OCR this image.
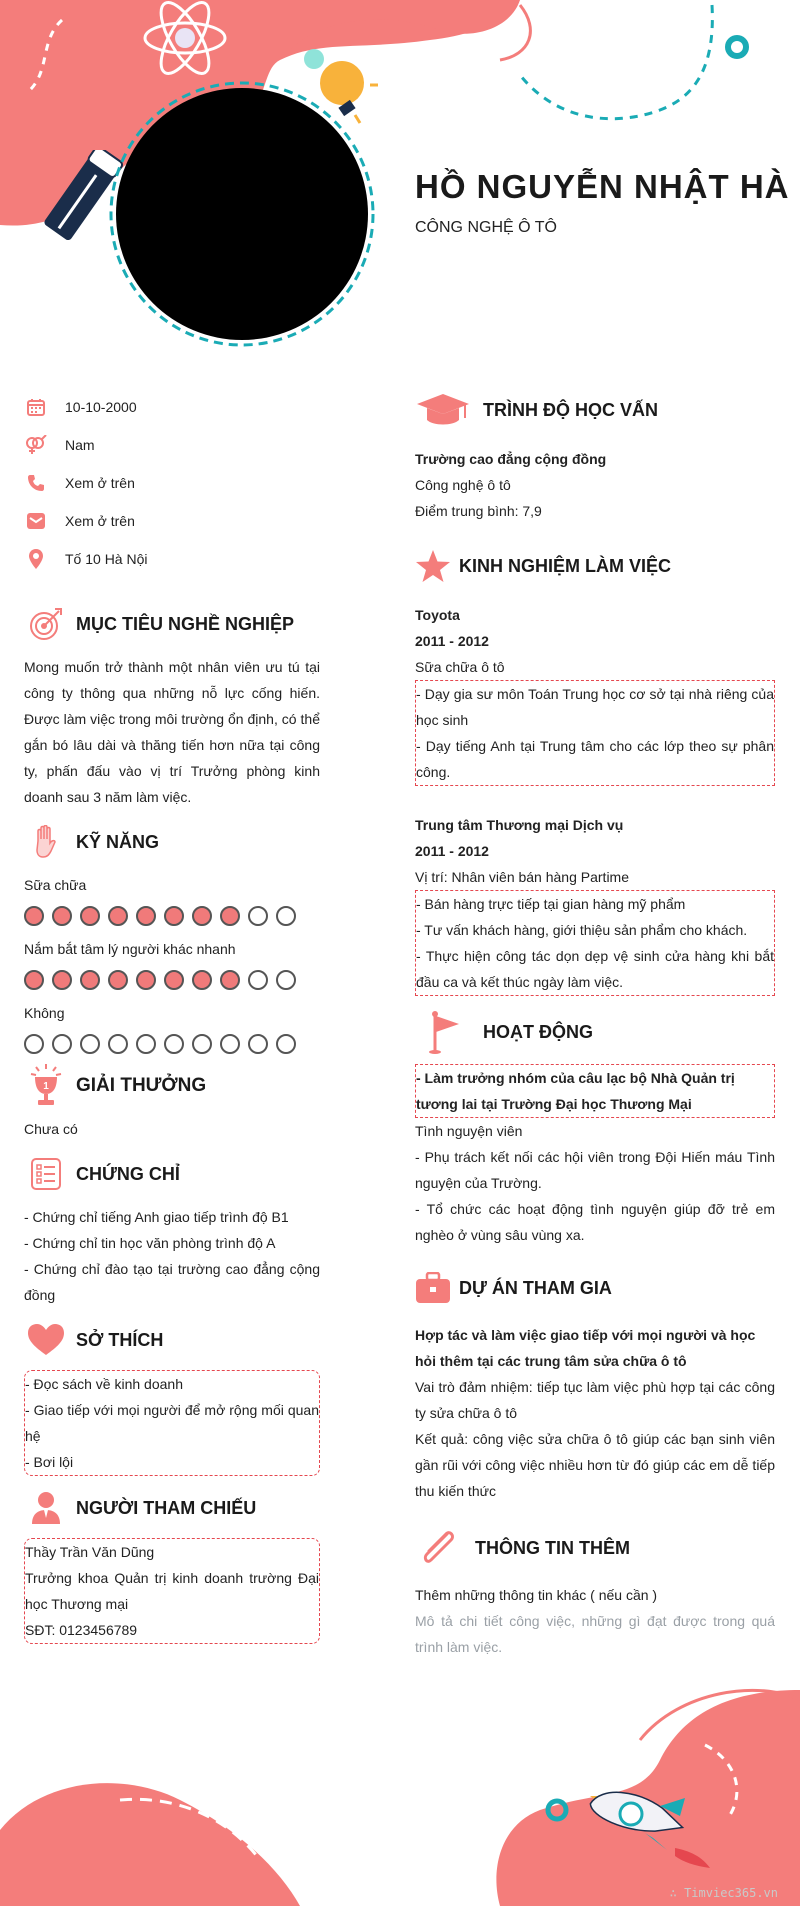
HỒ NGUYỄN NHẬT HÀ
CÔNG NGHỆ Ô TÔ
10-10-2000
Nam
Xem ở trên
Xem ở trên
Tố 10 Hà Nội
MỤC TIÊU NGHỀ NGHIỆP

Mong muốn trở thành một nhân viên ưu tú tại công ty thông qua những nỗ lực cống hiến. Được làm việc trong môi trường ổn định, có thể gắn bó lâu dài và thăng tiến hơn nữa tại công ty, phấn đấu vào vị trí Trưởng phòng kinh doanh sau 3 năm làm việc.

KỸ NĂNG

Sữa chữa

Nắm bắt tâm lý người khác nhanh

Không

1 GIẢI THƯỞNG

Chưa có

CHỨNG CHỈ

- Chứng chỉ tiếng Anh giao tiếp trình độ B1

- Chứng chỉ tin học văn phòng trình độ A

- Chứng chỉ đào tạo tại trường cao đẳng cộng đồng

SỞ THÍCH

- Đọc sách về kinh doanh

- Giao tiếp với mọi người để mở rộng mối quan hệ

- Bơi lội

NGƯỜI THAM CHIẾU

Thầy Trần Văn Dũng

Trưởng khoa Quản trị kinh doanh trường Đại học Thương mại

SĐT: 0123456789

TRÌNH ĐỘ HỌC VẤN

Trường cao đẳng cộng đồng

Công nghệ ô tô

Điểm trung bình: 7,9

KINH NGHIỆM LÀM VIỆC

Toyota

2011 - 2012

Sữa chữa ô tô

- Dạy gia sư môn Toán Trung học cơ sở tại nhà riêng của học sinh

- Dạy tiếng Anh tại Trung tâm cho các lớp theo sự phân công.

Trung tâm Thương mại Dịch vụ

2011 - 2012

Vị trí: Nhân viên bán hàng Partime

- Bán hàng trực tiếp tại gian hàng mỹ phẩm

- Tư vấn khách hàng, giới thiệu sản phẩm cho khách.

- Thực hiện công tác dọn dẹp vệ sinh cửa hàng khi bắt đầu ca và kết thúc ngày làm việc.

HOẠT ĐỘNG

- Làm trưởng nhóm của câu lạc bộ Nhà Quản trị tương lai tại Trường Đại học Thương Mại

Tình nguyện viên

- Phụ trách kết nối các hội viên trong Đội Hiến máu Tình nguyện của Trường.

- Tổ chức các hoạt động tình nguyện giúp đỡ trẻ em nghèo ở vùng sâu vùng xa.

DỰ ÁN THAM GIA

Hợp tác và làm việc giao tiếp với mọi người và học hỏi thêm tại các trung tâm sửa chữa ô tô

Vai trò đảm nhiệm: tiếp tục làm việc phù hợp tại các công ty sửa chữa ô tô

Kết quả: công việc sửa chữa ô tô giúp các bạn sinh viên gần rũi với công việc nhiều hơn từ đó giúp các em dễ tiếp thu kiến thức

THÔNG TIN THÊM

Thêm những thông tin khác ( nếu cần )

Mô tả chi tiết công việc, những gì đạt được trong quá trình làm việc.

∴ Timviec365.vn
